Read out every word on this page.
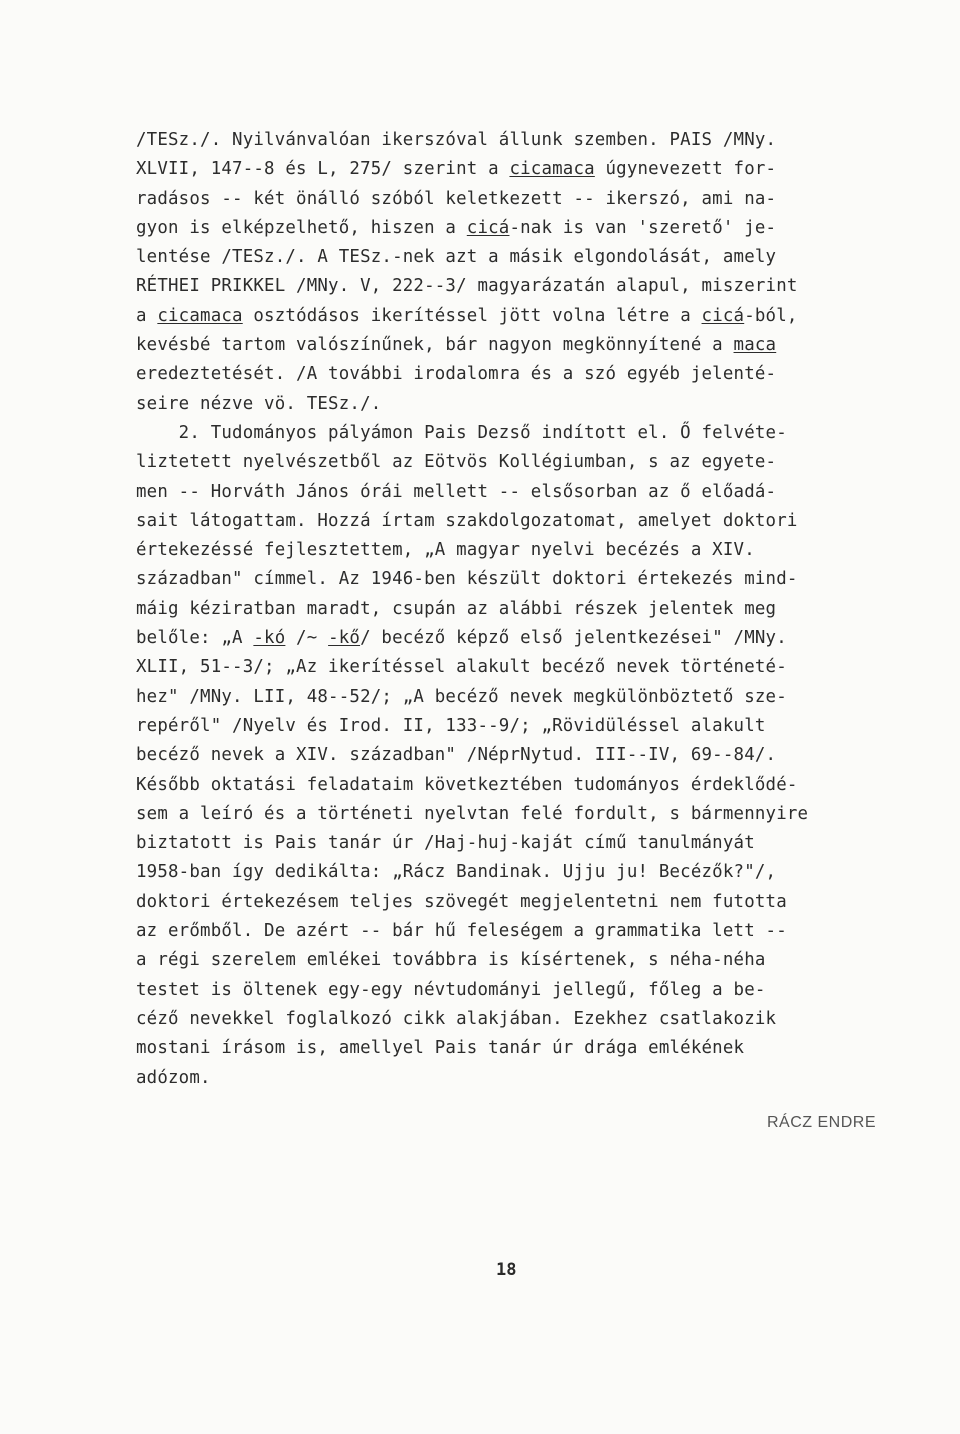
/TESz./. Nyilvánvalóan ikerszóval állunk szemben. PAIS /MNy.
XLVII, 147--8 és L, 275/ szerint a cicamaca úgynevezett for-
radásos -- két önálló szóból keletkezett -- ikerszó, ami na-
gyon is elképzelhető, hiszen a cicá-nak is van 'szerető' je-
lentése /TESz./. A TESz.-nek azt a másik elgondolását, amely
RÉTHEI PRIKKEL /MNy. V, 222--3/ magyarázatán alapul, miszerint
a cicamaca osztódásos ikerítéssel jött volna létre a cicá-ból,
kevésbé tartom valószínűnek, bár nagyon megkönnyítené a maca
eredeztetését. /A további irodalomra és a szó egyéb jelenté-
seire nézve vö. TESz./.
2. Tudományos pályámon Pais Dezső indított el. Ő felvéte-
liztetett nyelvészetből az Eötvös Kollégiumban, s az egyete-
men -- Horváth János órái mellett -- elsősorban az ő előadá-
sait látogattam. Hozzá írtam szakdolgozatomat, amelyet doktori
értekezéssé fejlesztettem, „A magyar nyelvi becézés a XIV.
században" címmel. Az 1946-ben készült doktori értekezés mind-
máig kéziratban maradt, csupán az alábbi részek jelentek meg
belőle: „A -kó /~ -kő/ becéző képző első jelentkezései" /MNy.
XLII, 51--3/; „Az ikerítéssel alakult becéző nevek történeté-
hez" /MNy. LII, 48--52/; „A becéző nevek megkülönböztető sze-
repéről" /Nyelv és Irod. II, 133--9/; „Rövidüléssel alakult
becéző nevek a XIV. században" /NéprNytud. III--IV, 69--84/.
Később oktatási feladataim következtében tudományos érdeklődé-
sem a leíró és a történeti nyelvtan felé fordult, s bármennyire
biztatott is Pais tanár úr /Haj-huj-kaját című tanulmányát
1958-ban így dedikálta: „Rácz Bandinak. Ujju ju! Becézők?"/,
doktori értekezésem teljes szövegét megjelentetni nem futotta
az erőmből. De azért -- bár hű feleségem a grammatika lett --
a régi szerelem emlékei továbbra is kísértenek, s néha-néha
testet is öltenek egy-egy névtudományi jellegű, főleg a be-
céző nevekkel foglalkozó cikk alakjában. Ezekhez csatlakozik
mostani írásom is, amellyel Pais tanár úr drága emlékének
adózom.
RÁCZ ENDRE
18
